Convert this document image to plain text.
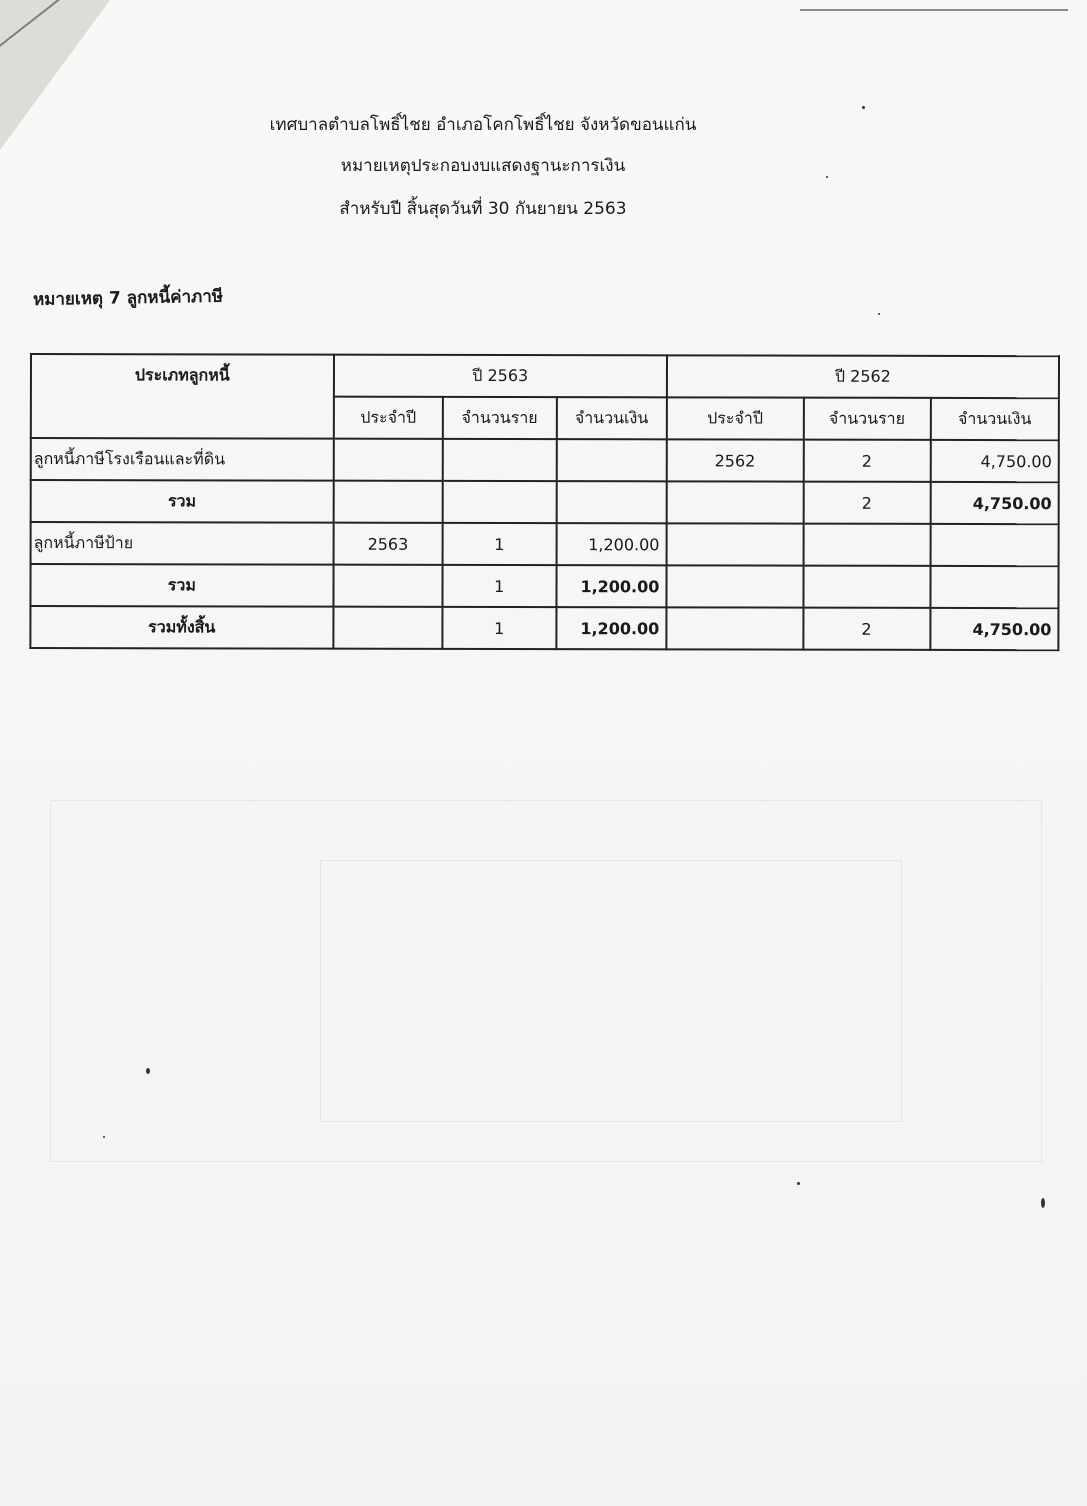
เทศบาลตำบลโพธิ์ไชย อำเภอโคกโพธิ์ไชย จังหวัดขอนแก่น
หมายเหตุประกอบงบแสดงฐานะการเงิน
สำหรับปี สิ้นสุดวันที่ 30 กันยายน 2563
หมายเหตุ 7 ลูกหนี้ค่าภาษี
ประเภทลูกหนี้	ปี 2563			ปี 2562		
	ประจำปี	จำนวนราย	จำนวนเงิน	ประจำปี	จำนวนราย	จำนวนเงิน
ลูกหนี้ภาษีโรงเรือนและที่ดิน				2562	2	4,750.00
รวม					2	4,750.00
ลูกหนี้ภาษีป้าย	2563	1	1,200.00			
รวม		1	1,200.00			
รวมทั้งสิ้น		1	1,200.00		2	4,750.00
